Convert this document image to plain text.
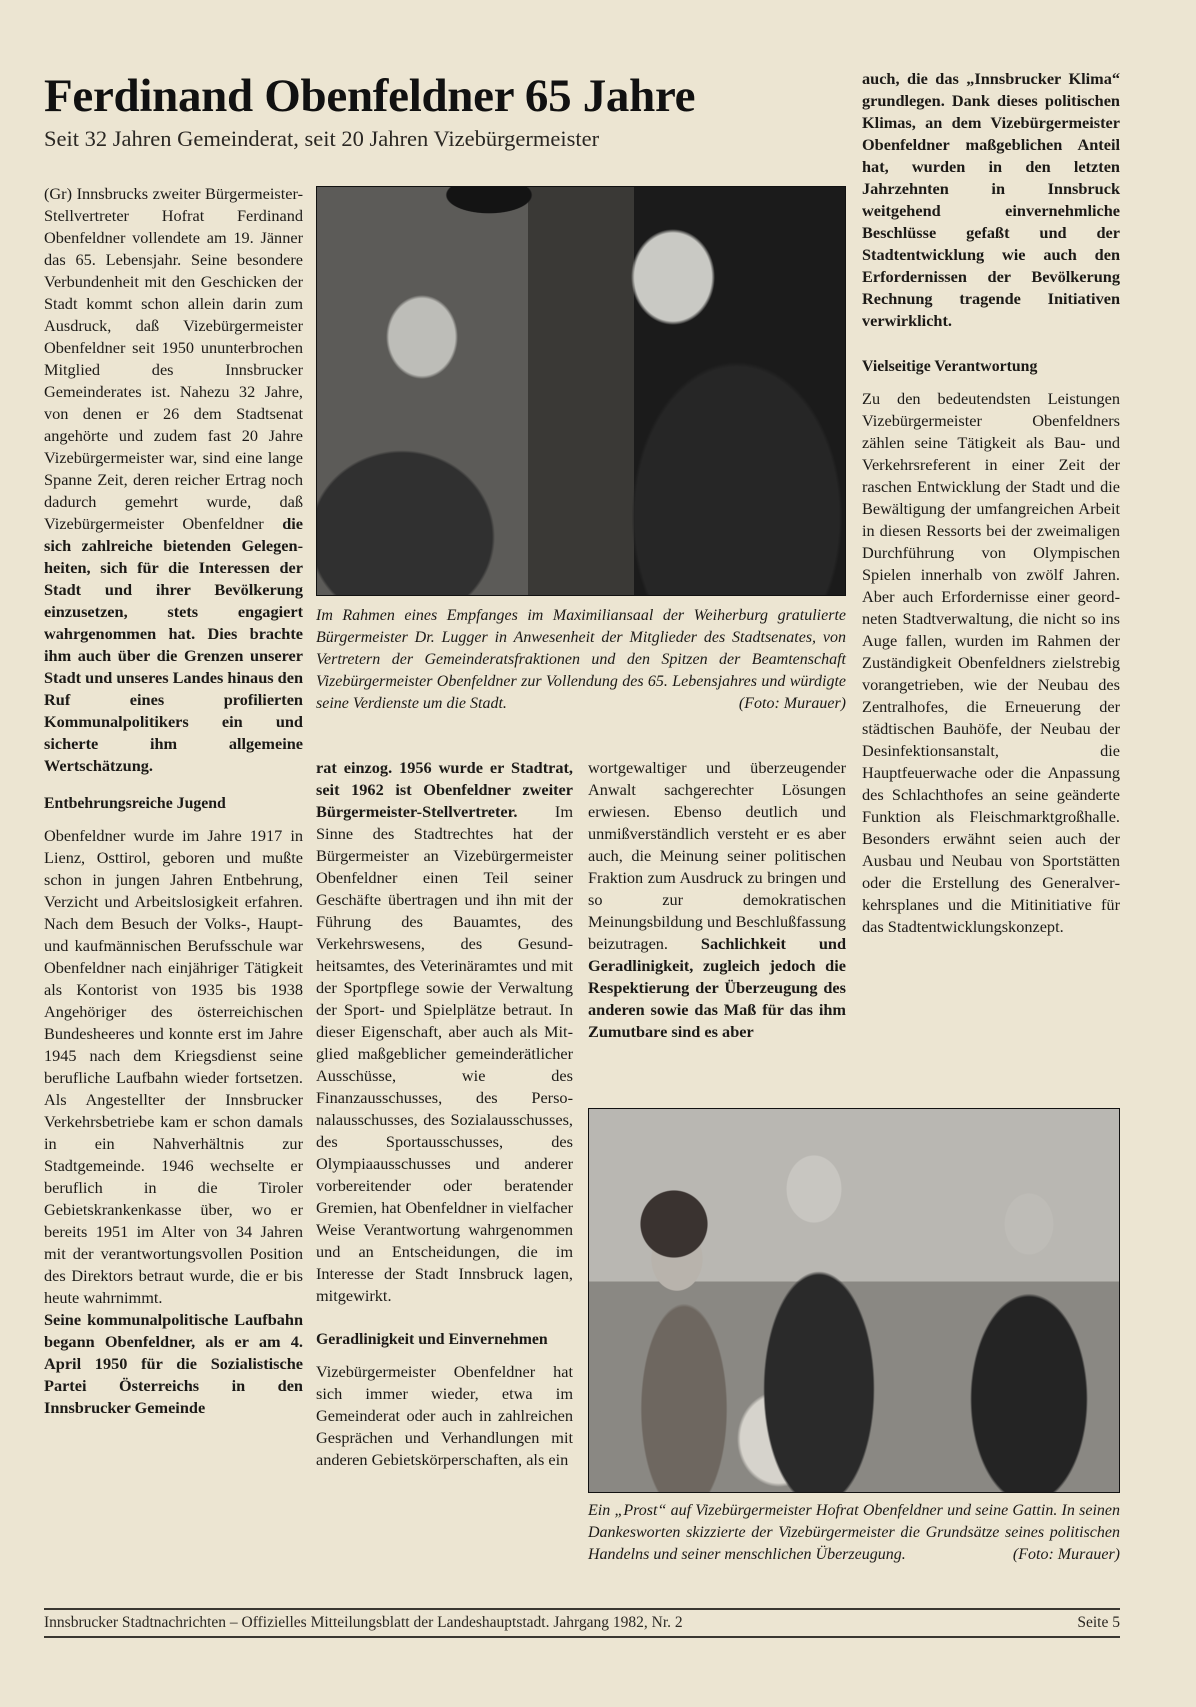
Ferdinand Obenfeldner 65 Jahre
Seit 32 Jahren Gemeinderat, seit 20 Jahren Vizebürgermeister

(Gr) Innsbrucks zweiter Bürgermeister-Stellvertreter Hofrat Ferdinand Obenfeldner vollendete am 19. Jänner das 65. Lebensjahr. Seine besondere Verbundenheit mit den Geschicken der Stadt kommt schon allein darin zum Ausdruck, daß Vizebürgermeister Obenfeldner seit 1950 ununterbrochen Mitglied des Innsbrucker Gemeinderates ist. Nahezu 32 Jahre, von denen er 26 dem Stadtsenat angehörte und zudem fast 20 Jahre Vizebürgermeister war, sind eine lange Spanne Zeit, deren reicher Ertrag noch dadurch gemehrt wurde, daß Vizebürgermeister Obenfeldner die sich zahlreiche bietenden Gelegenheiten, sich für die Interessen der Stadt und ihrer Bevölkerung einzusetzen, stets engagiert wahrgenommen hat. Dies brachte ihm auch über die Grenzen unserer Stadt und unseres Landes hinaus den Ruf eines profilierten Kommunalpolitikers ein und sicherte ihm allgemeine Wertschätzung.

Entbehrungsreiche Jugend

Obenfeldner wurde im Jahre 1917 in Lienz, Osttirol, geboren und mußte schon in jungen Jahren Entbehrung, Verzicht und Arbeitslosigkeit erfahren. Nach dem Besuch der Volks-, Haupt- und kaufmännischen Berufsschule war Obenfeldner nach einjähriger Tätigkeit als Kontorist von 1935 bis 1938 Angehöriger des österreichischen Bundesheeres und konnte erst im Jahre 1945 nach dem Kriegsdienst seine berufliche Laufbahn wieder fortsetzen. Als Angestellter der Innsbrucker Verkehrsbetriebe kam er schon damals in ein Nahverhältnis zur Stadtgemeinde. 1946 wechselte er beruflich in die Tiroler Gebietskrankenkasse über, wo er bereits 1951 im Alter von 34 Jahren mit der verantwortungsvollen Position des Direktors betraut wurde, die er bis heute wahrnimmt.

Seine kommunalpolitische Laufbahn begann Obenfeldner, als er am 4. April 1950 für die Sozialistische Partei Österreichs in den Innsbrucker Gemeinde

Im Rahmen eines Empfanges im Maximiliansaal der Weiherburg gratulierte Bürgermeister Dr. Lugger in Anwesenheit der Mitglieder des Stadtsenates, von Vertretern der Gemeinderatsfraktionen und den Spitzen der Beamtenschaft Vizebürgermeister Obenfeldner zur Vollendung des 65. Lebensjahres und würdigte seine Verdienste um die Stadt.	(Foto: Murauer)

rat einzog. 1956 wurde er Stadtrat, seit 1962 ist Obenfeldner zweiter Bürgermeister-Stellvertreter. Im Sinne des Stadtrechtes hat der Bürgermeister an Vizebürgermeister Obenfeldner einen Teil seiner Geschäfte übertragen und ihn mit der Führung des Bauamtes, des Verkehrswesens, des Gesundheitsamtes, des Veterinäramtes und mit der Sportpflege sowie der Verwaltung der Sport- und Spielplätze betraut. In dieser Eigenschaft, aber auch als Mitglied maßgeblicher gemeinderätlicher Ausschüsse, wie des Finanzausschusses, des Personalausschusses, des Sozialausschusses, des Sportausschusses, des Olympiaausschusses und anderer vorbereitender oder beratender Gremien, hat Obenfeldner in vielfacher Weise Verantwortung wahrgenommen und an Entscheidungen, die im Interesse der Stadt Innsbruck lagen, mitgewirkt.

Geradlinigkeit und Einvernehmen

Vizebürgermeister Obenfeldner hat sich immer wieder, etwa im Gemeinderat oder auch in zahlreichen Gesprächen und Verhandlungen mit anderen Gebietskörperschaften, als ein

wortgewaltiger und überzeugender Anwalt sachgerechter Lösungen erwiesen. Ebenso deutlich und unmißverständlich versteht er es aber auch, die Meinung seiner politischen Fraktion zum Ausdruck zu bringen und so zur demokratischen Meinungsbildung und Beschlußfassung beizutragen. Sachlichkeit und Geradlinigkeit, zugleich jedoch die Respektierung der Überzeugung des anderen sowie das Maß für das ihm Zumutbare sind es aber

auch, die das „Innsbrucker Klima“ grundlegen. Dank dieses politischen Klimas, an dem Vizebürgermeister Obenfeldner maßgeblichen Anteil hat, wurden in den letzten Jahrzehnten in Innsbruck weitgehend einvernehmliche Beschlüsse gefaßt und der Stadtentwicklung wie auch den Erfordernissen der Bevölkerung Rechnung tragende Initiativen verwirklicht.

Vielseitige Verantwortung

Zu den bedeutendsten Leistungen Vizebürgermeister Obenfeldners zählen seine Tätigkeit als Bau- und Verkehrsreferent in einer Zeit der raschen Entwicklung der Stadt und die Bewältigung der umfangreichen Arbeit in diesen Ressorts bei der zweimaligen Durchführung von Olympischen Spielen innerhalb von zwölf Jahren. Aber auch Erfordernisse einer geordneten Stadtverwaltung, die nicht so ins Auge fallen, wurden im Rahmen der Zuständigkeit Obenfeldners zielstrebig vorangetrieben, wie der Neubau des Zentralhofes, die Erneuerung der städtischen Bauhöfe, der Neubau der Desinfektionsanstalt, die Hauptfeuerwache oder die Anpassung des Schlachthofes an seine geänderte Funktion als Fleischmarktgroßhalle. Besonders erwähnt seien auch der Ausbau und Neubau von Sportstätten oder die Erstellung des Generalverkehrsplanes und die Mitinitiative für das Stadtentwicklungskonzept.

Ein „Prost“ auf Vizebürgermeister Hofrat Obenfeldner und seine Gattin. In seinen Dankesworten skizzierte der Vizebürgermeister die Grundsätze seines politischen Handelns und seiner menschlichen Überzeugung.	(Foto: Murauer)
Innsbrucker Stadtnachrichten – Offizielles Mitteilungsblatt der Landeshauptstadt. Jahrgang 1982, Nr. 2	Seite 5
